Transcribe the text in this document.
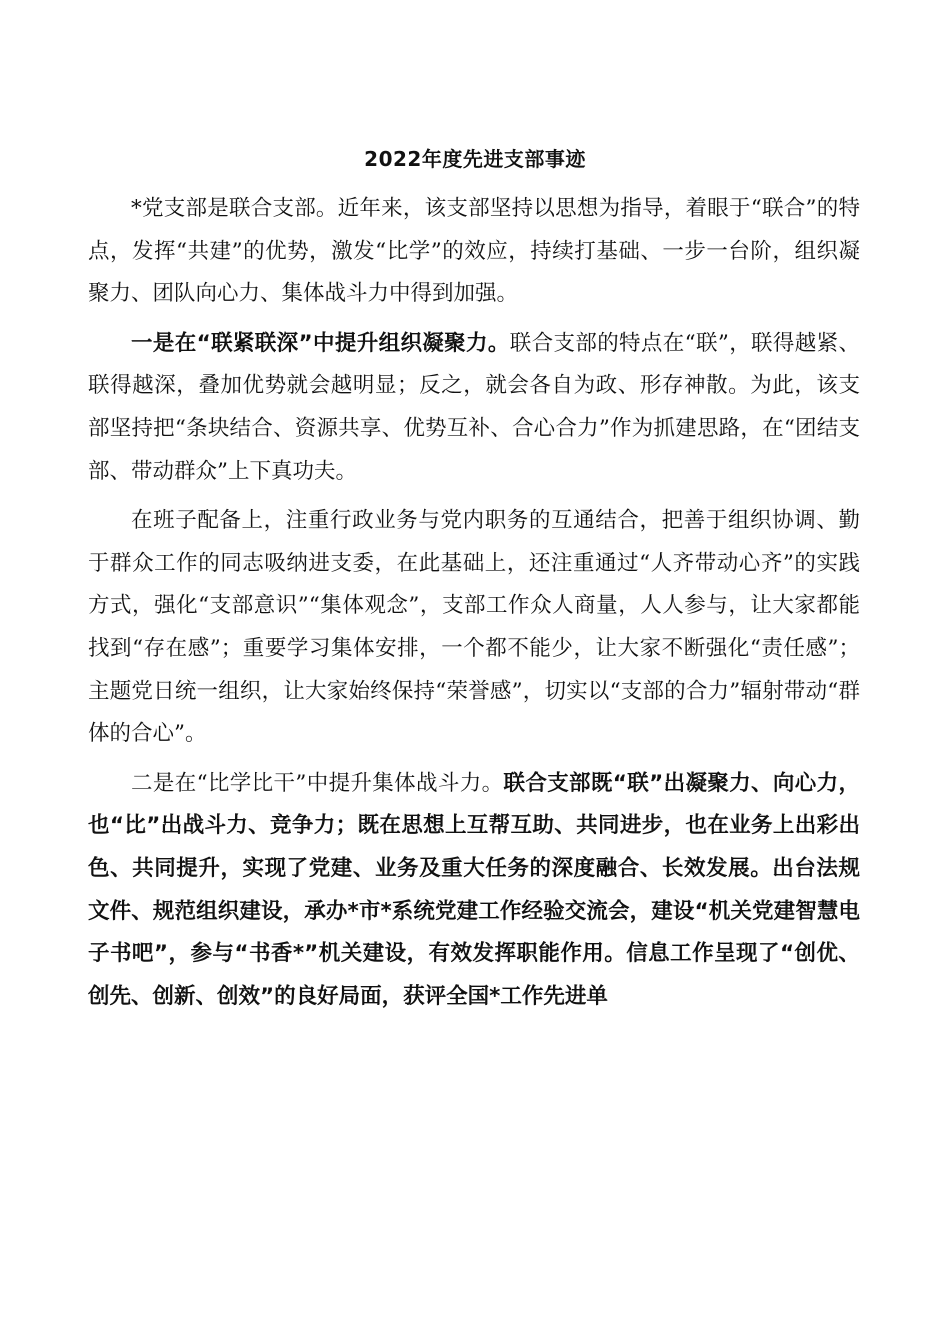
2022年度先进支部事迹

*党支部是联合支部。近年来，该支部坚持以思想为指导，着眼于“联合”的特点，发挥“共建”的优势，激发“比学”的效应，持续打基础、一步一台阶，组织凝聚力、团队向心力、集体战斗力中得到加强。

一是在“联紧联深”中提升组织凝聚力。联合支部的特点在“联”，联得越紧、联得越深，叠加优势就会越明显；反之，就会各自为政、形存神散。为此，该支部坚持把“条块结合、资源共享、优势互补、合心合力”作为抓建思路，在“团结支部、带动群众”上下真功夫。

在班子配备上，注重行政业务与党内职务的互通结合，把善于组织协调、勤于群众工作的同志吸纳进支委，在此基础上，还注重通过“人齐带动心齐”的实践方式，强化“支部意识”“集体观念”，支部工作众人商量，人人参与，让大家都能找到“存在感”；重要学习集体安排，一个都不能少，让大家不断强化“责任感”；主题党日统一组织，让大家始终保持“荣誉感”，切实以“支部的合力”辐射带动“群体的合心”。

二是在“比学比干”中提升集体战斗力。联合支部既“联”出凝聚力、向心力，也“比”出战斗力、竞争力；既在思想上互帮互助、共同进步，也在业务上出彩出色、共同提升，实现了党建、业务及重大任务的深度融合、长效发展。出台法规文件、规范组织建设，承办*市*系统党建工作经验交流会，建设“机关党建智慧电子书吧”，参与“书香*”机关建设，有效发挥职能作用。信息工作呈现了“创优、创先、创新、创效”的良好局面，获评全国*工作先进单
